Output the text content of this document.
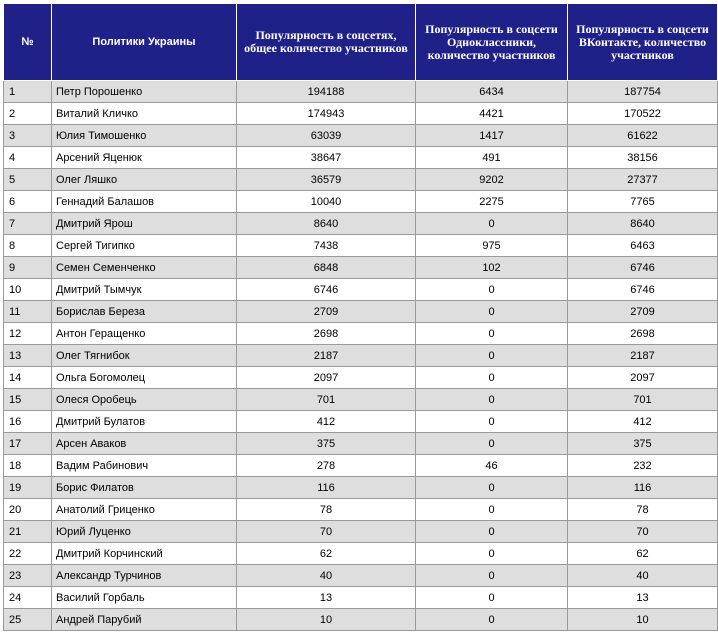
№	Политики Украины	Популярность в соцсетях, общее количество участников	Популярность в соцсети Одноклассники, количество участников	Популярность в соцсети ВКонтакте, количество участников
1	Петр Порошенко	194188	6434	187754
2	Виталий Кличко	174943	4421	170522
3	Юлия Тимошенко	63039	1417	61622
4	Арсений Яценюк	38647	491	38156
5	Олег Ляшко	36579	9202	27377
6	Геннадий Балашов	10040	2275	7765
7	Дмитрий Ярош	8640	0	8640
8	Сергей Тигипко	7438	975	6463
9	Семен Семенченко	6848	102	6746
10	Дмитрий Тымчук	6746	0	6746
11	Борислав Береза	2709	0	2709
12	Антон Геращенко	2698	0	2698
13	Олег Тягнибок	2187	0	2187
14	Ольга Богомолец	2097	0	2097
15	Олеся Оробець	701	0	701
16	Дмитрий Булатов	412	0	412
17	Арсен Аваков	375	0	375
18	Вадим Рабинович	278	46	232
19	Борис Филатов	116	0	116
20	Анатолий Гриценко	78	0	78
21	Юрий Луценко	70	0	70
22	Дмитрий Корчинский	62	0	62
23	Александр Турчинов	40	0	40
24	Василий Горбаль	13	0	13
25	Андрей Парубий	10	0	10
